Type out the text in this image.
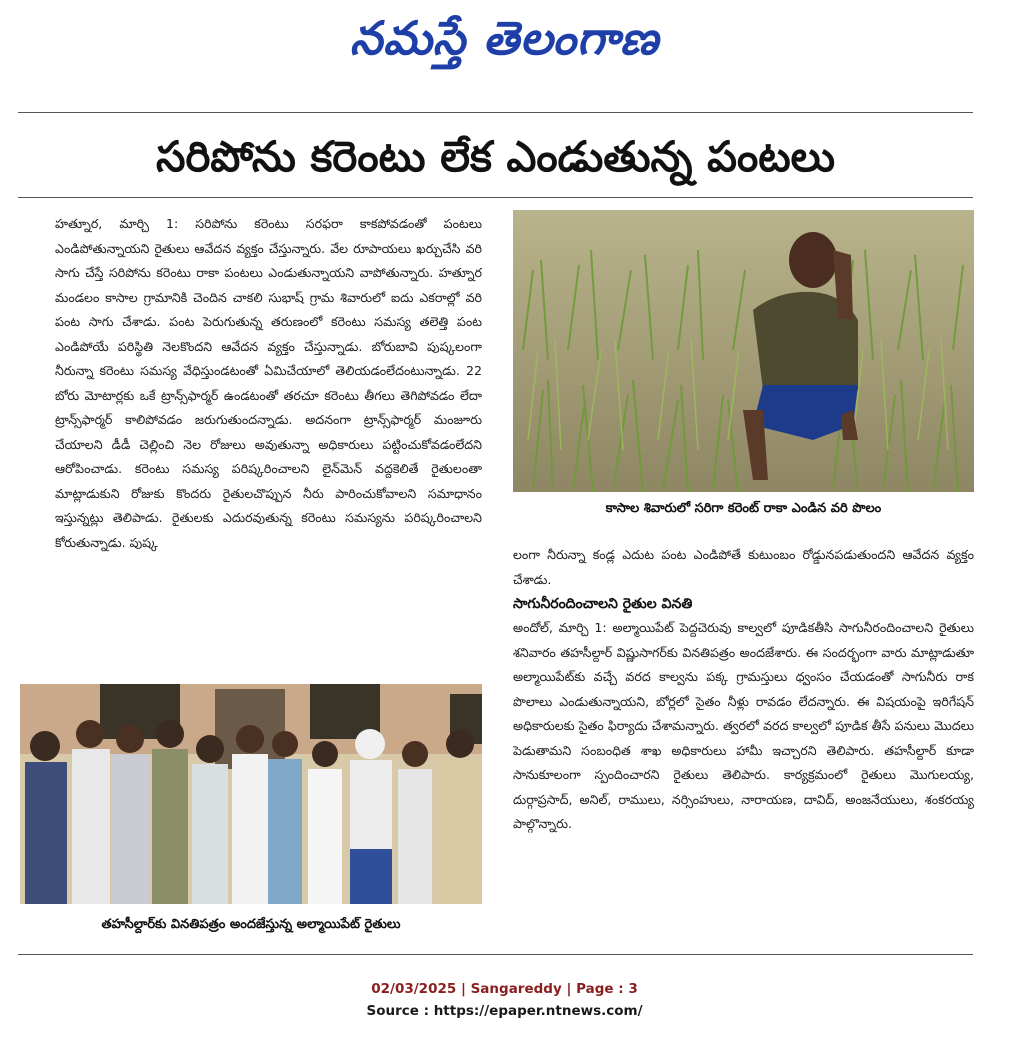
నమస్తే తెలంగాణ
సరిపోను కరెంటు లేక ఎండుతున్న పంటలు

హత్నూర, మార్చి 1: సరిపోను కరెంటు సరఫరా కాకపోవడంతో పంటలు ఎండిపోతున్నాయని రైతులు ఆవేదన వ్యక్తం చేస్తున్నారు. వేల రూపాయలు ఖర్చుచేసి వరి సాగు చేస్తే సరిపోను కరెంటు రాకా పంటలు ఎండుతున్నాయని వాపోతున్నారు. హత్నూర మండలం కాసాల గ్రామానికి చెందిన చాకలి సుభాష్ గ్రామ శివారులో ఐదు ఎకరాల్లో వరి పంట సాగు చేశాడు. పంట పెరుగుతున్న తరుణంలో కరెంటు సమస్య తలెత్తి పంట ఎండిపోయే పరిస్థితి నెలకొందని ఆవేదన వ్యక్తం చేస్తున్నాడు. బోరుబావి పుష్కలంగా నీరున్నా కరెంటు సమస్య వేధిస్తుండటంతో ఏమిచేయాలో తెలియడంలేదంటున్నాడు. 22 బోరు మోటార్లకు ఒకే ట్రాన్స్‌ఫార్మర్ ఉండటంతో తరచూ కరెంటు తీగలు తెగిపోవడం లేదా ట్రాన్స్‌ఫార్మర్ కాలిపోవడం జరుగుతుందన్నాడు. అదనంగా ట్రాన్స్‌ఫార్మర్ మంజూరు చేయాలని డీడీ చెల్లించి నెల రోజులు అవుతున్నా అధికారులు పట్టించుకోవడంలేదని ఆరోపించాడు. కరెంటు సమస్య పరిష్కరించాలని లైన్‌మెన్ వద్దకెలితే రైతులంతా మాట్లాడుకుని రోజుకు కొందరు రైతులచొప్పున నీరు పారించుకోవాలని సమాధానం ఇస్తున్నట్లు తెలిపాడు. రైతులకు ఎదురవుతున్న కరెంటు సమస్యను పరిష్కరించాలని కోరుతున్నాడు. పుష్క

కాసాల శివారులో సరిగా కరెంట్ రాకా ఎండిన వరి పొలం

లంగా నీరున్నా కండ్ల ఎదుట పంట ఎండిపోతే కుటుంబం రోడ్డునపడుతుందని ఆవేదన వ్యక్తం చేశాడు.

సాగునీరందించాలని రైతుల వినతి

అందోల్, మార్చి 1: అల్మాయిపేట్ పెద్దచెరువు కాల్వలో పూడికతీసి సాగునీరందించాలని రైతులు శనివారం తహసీల్దార్ విష్ణుసాగర్‌కు వినతిపత్రం అందజేశారు. ఈ సందర్భంగా వారు మాట్లాడుతూ అల్మాయిపేట్‌కు వచ్చే వరద కాల్వను పక్క గ్రామస్తులు ధ్వంసం చేయడంతో సాగునీరు రాక పొలాలు ఎండుతున్నాయని, బోర్లలో సైతం నీళ్లు రావడం లేదన్నారు. ఈ విషయంపై ఇరిగేషన్ అధికారులకు సైతం ఫిర్యాదు చేశామన్నారు. త్వరలో వరద కాల్వలో పూడిక తీసే పనులు మొదలు పెడుతామని సంబంధిత శాఖ అధికారులు హామీ ఇచ్చారని తెలిపారు. తహసీల్దార్ కూడా సానుకూలంగా స్పందించారని రైతులు తెలిపారు. కార్యక్రమంలో రైతులు మొగులయ్య, దుర్గాప్రసాద్, అనిల్, రాములు, నర్సింహులు, నారాయణ, దావిద్, అంజనేయులు, శంకరయ్య పాల్గొన్నారు.

తహసీల్దార్‌కు వినతిపత్రం అందజేస్తున్న అల్మాయిపేట్ రైతులు
02/03/2025 | Sangareddy | Page : 3
Source : https://epaper.ntnews.com/
